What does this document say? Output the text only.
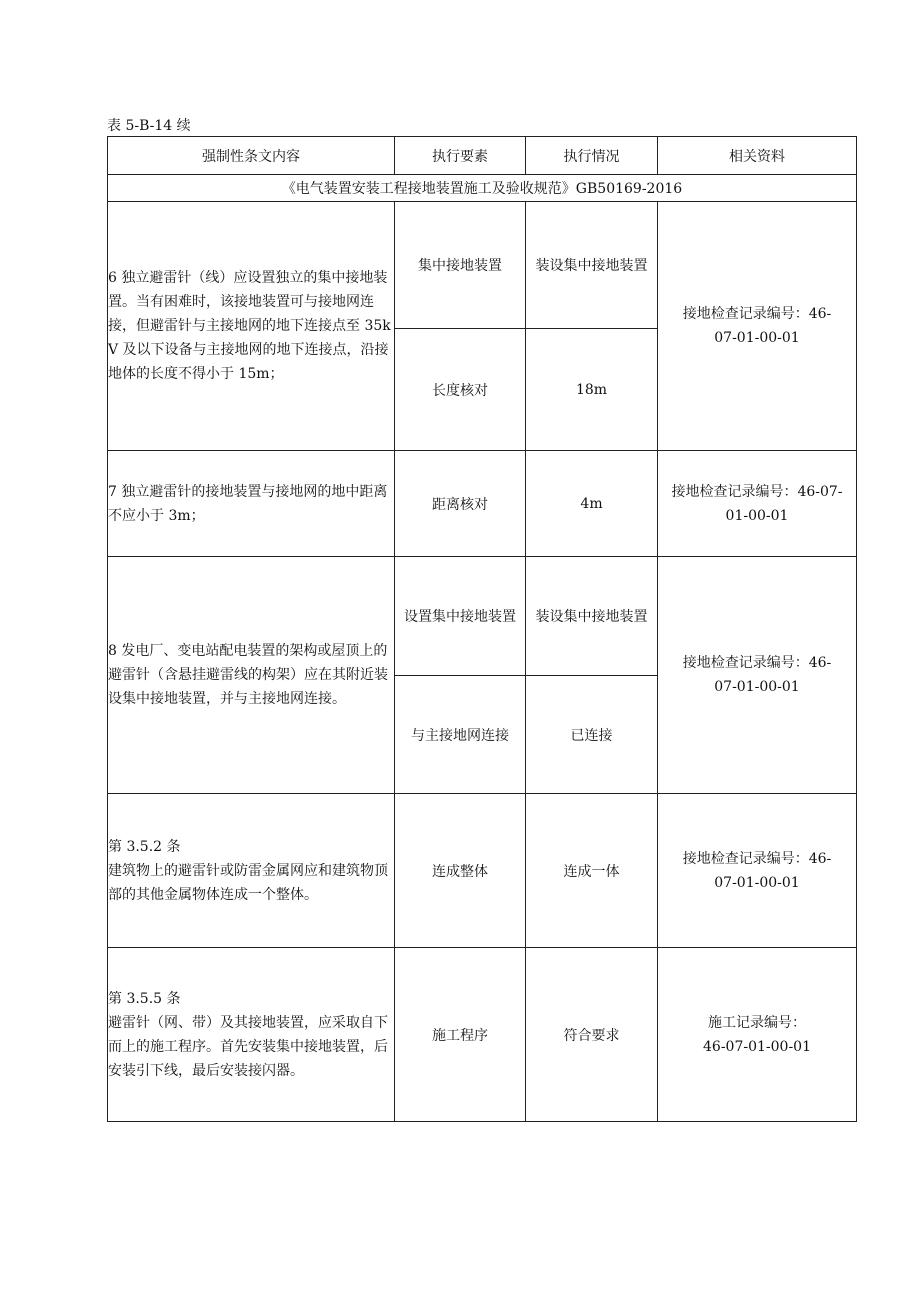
表 5-B-14 续
强制性条文内容	执行要素	执行情况	相关资料
《电气装置安装工程接地装置施工及验收规范》GB50169-2016			
6 独立避雷针（线）应设置独立的集中接地装置。当有困难时，该接地装置可与接地网连接，但避雷针与主接地网的地下连接点至 35kV 及以下设备与主接地网的地下连接点，沿接地体的长度不得小于 15m；	集中接地装置	装设集中接地装置	接地检查记录编号：46-
07-01-00-01

	长度核对	18m	
7 独立避雷针的接地装置与接地网的地中距离不应小于 3m；	距离核对	4m	接地检查记录编号：46-07-
01-00-01

8 发电厂、变电站配电装置的架构或屋顶上的避雷针（含悬挂避雷线的构架）应在其附近装设集中接地装置，并与主接地网连接。	设置集中接地装置	装设集中接地装置	接地检查记录编号：46-
07-01-00-01

	与主接地网连接	已连接	

第 3.5.2 条
建筑物上的避雷针或防雷金属网应和建筑物顶部的其他金属物体连成一个整体。	连成整体	连成一体	接地检查记录编号：46-
07-01-00-01

第 3.5.5 条
避雷针（网、带）及其接地装置，应采取自下而上的施工程序。首先安装集中接地装置，后安装引下线，最后安装接闪器。	施工程序	符合要求	施工记录编号：
46-07-01-00-01
